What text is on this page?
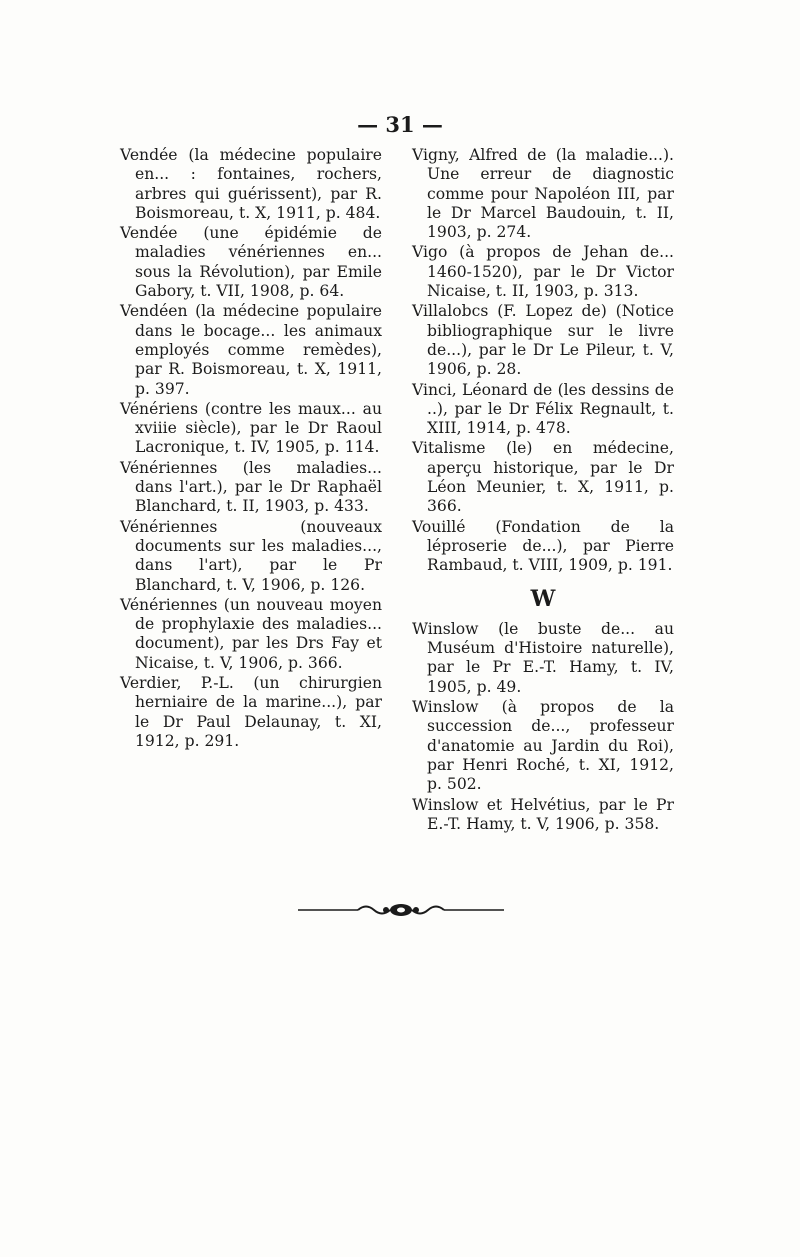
— 31 —

Vendée (la médecine populaire en... : fontaines, rochers, arbres qui guérissent), par R. Boismoreau, t. X, 1911, p. 484.

Vendée (une épidémie de maladies vénériennes en... sous la Révolution), par Emile Gabory, t. VII, 1908, p. 64.

Vendéen (la médecine populaire dans le bocage... les animaux employés comme remèdes), par R. Boismoreau, t. X, 1911, p. 397.

Vénériens (contre les maux... au xviiie siècle), par le Dr Raoul Lacronique, t. IV, 1905, p. 114.

Vénériennes (les maladies... dans l'art.), par le Dr Raphaël Blanchard, t. II, 1903, p. 433.

Vénériennes (nouveaux documents sur les maladies..., dans l'art), par le Pr Blanchard, t. V, 1906, p. 126.

Vénériennes (un nouveau moyen de prophylaxie des maladies... document), par les Drs Fay et Nicaise, t. V, 1906, p. 366.

Verdier, P.-L. (un chirurgien herniaire de la marine...), par le Dr Paul Delaunay, t. XI, 1912, p. 291.

Vigny, Alfred de (la maladie...). Une erreur de diagnostic comme pour Napoléon III, par le Dr Marcel Baudouin, t. II, 1903, p. 274.

Vigo (à propos de Jehan de... 1460-1520), par le Dr Victor Nicaise, t. II, 1903, p. 313.

Villalobcs (F. Lopez de) (Notice bibliographique sur le livre de...), par le Dr Le Pileur, t. V, 1906, p. 28.

Vinci, Léonard de (les dessins de ..), par le Dr Félix Regnault, t. XIII, 1914, p. 478.

Vitalisme (le) en médecine, aperçu historique, par le Dr Léon Meunier, t. X, 1911, p. 366.

Vouillé (Fondation de la léproserie de...), par Pierre Rambaud, t. VIII, 1909, p. 191.

W

Winslow (le buste de... au Muséum d'Histoire naturelle), par le Pr E.-T. Hamy, t. IV, 1905, p. 49.

Winslow (à propos de la succession de..., professeur d'anatomie au Jardin du Roi), par Henri Roché, t. XI, 1912, p. 502.

Winslow et Helvétius, par le Pr E.-T. Hamy, t. V, 1906, p. 358.
